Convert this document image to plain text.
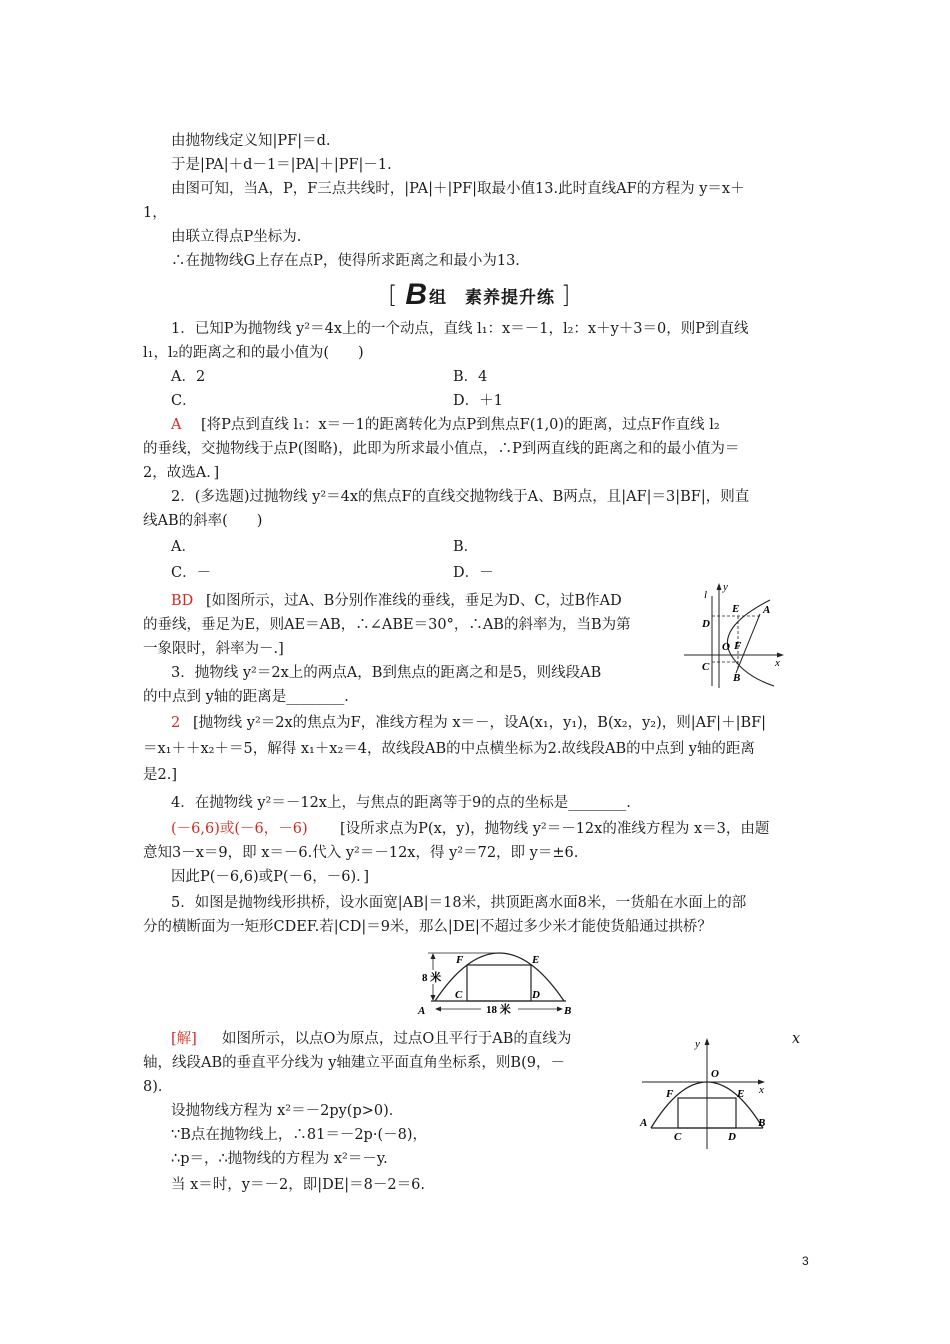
由抛物线定义知|PF|＝d.
于是|PA|＋d－1＝|PA|＋|PF|－1.
由图可知，当A，P，F三点共线时，|PA|＋|PF|取最小值13.此时直线AF的方程为 y＝x＋
1，
由联立得点P坐标为.
∴在抛物线G上存在点P，使得所求距离之和最小为13.
[ B 组　素养提升练 ]
1．已知P为抛物线 y²＝4x上的一个动点，直线 l₁：x＝－1，l₂：x＋y＋3＝0，则P到直线
l₁，l₂的距离之和的最小值为(　　)
A．2	B．4
C．	D．＋1
A [将P点到直线 l₁：x＝－1的距离转化为点P到焦点F(1,0)的距离，过点F作直线 l₂
的垂线，交抛物线于点P(图略)，此即为所求最小值点，∴P到两直线的距离之和的最小值为＝
2，故选A．]
2．(多选题)过抛物线 y²＝4x的焦点F的直线交抛物线于A、B两点，且|AF|＝3|BF|，则直
线AB的斜率(　　)
A．	B．
C．－	D．－
BD [如图所示，过A、B分别作准线的垂线，垂足为D、C，过B作AD
的垂线，垂足为E，则AE＝AB，∴∠ABE＝30°，∴AB的斜率为，当B为第
一象限时，斜率为－.]
y
l
E A
D
O F
x
C
B
3．抛物线 y²＝2x上的两点A，B到焦点的距离之和是5，则线段AB
的中点到 y轴的距离是________.
2 [抛物线 y²＝2x的焦点为F，准线方程为 x＝－，设A(x₁，y₁)，B(x₂，y₂)，则|AF|＋|BF|
＝x₁＋＋x₂＋＝5，解得 x₁＋x₂＝4，故线段AB的中点横坐标为2.故线段AB的中点到 y轴的距离
是2.]
4．在抛物线 y²＝－12x上，与焦点的距离等于9的点的坐标是________.
(－6,6)或(－6，－6) [设所求点为P(x，y)，抛物线 y²＝－12x的准线方程为 x＝3，由题
意知3－x＝9，即 x＝－6.代入 y²＝－12x，得 y²＝72，即 y＝±6.
因此P(－6,6)或P(－6，－6)．]
5．如图是抛物线形拱桥，设水面宽|AB|＝18米，拱顶距离水面8米，一货船在水面上的部
分的横断面为一矩形CDEF.若|CD|＝9米，那么|DE|不超过多少米才能使货船通过拱桥？
8 米
18 米
F	E
C	D
A	B
[解] 如图所示，以点O为原点，过点O且平行于AB的直线为	x
轴，线段AB的垂直平分线为 y轴建立平面直角坐标系，则B(9，－
8)．
设抛物线方程为 x²＝－2py(p>0)．
∵B点在抛物线上，∴81＝－2p·(－8)，
∴p＝，∴抛物线的方程为 x²＝－y.
当 x＝时，y＝－2，即|DE|＝8－2＝6.
y
O
x
F	E
A	B
C	D
3
